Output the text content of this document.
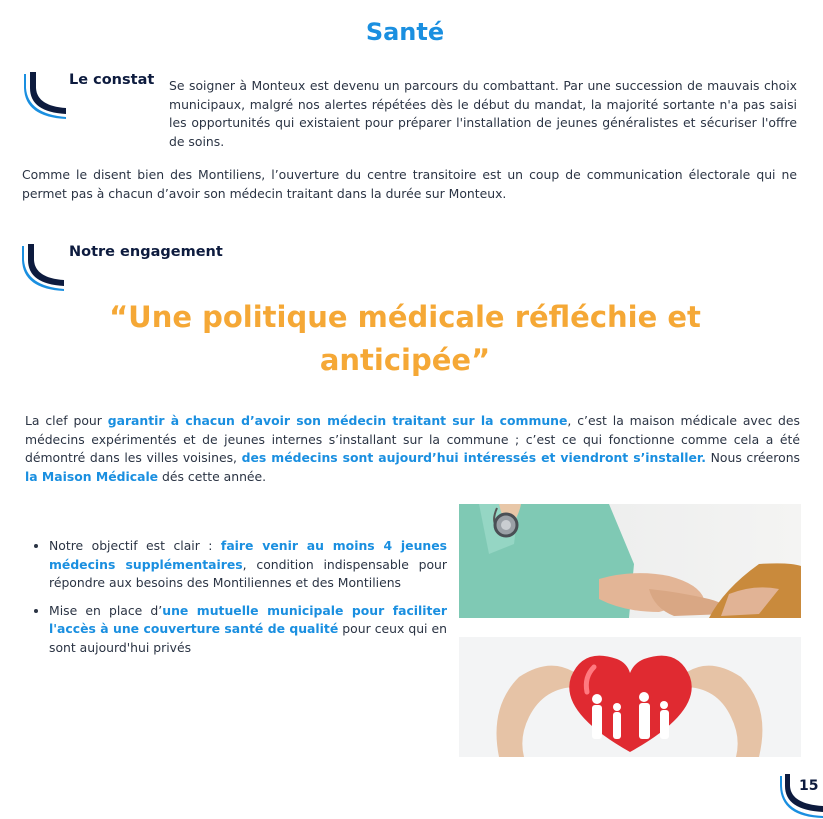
Santé
Le constat Se soigner à Monteux est devenu un parcours du combattant. Par une succession de mauvais choix municipaux, malgré nos alertes répétées dès le début du mandat, la majorité sortante n'a pas saisi les opportunités qui existaient pour préparer l'installation de jeunes généralistes et sécuriser l'offre de soins.
Comme le disent bien des Montiliens, l’ouverture du centre transitoire est un coup de communication électorale qui ne permet pas à chacun d’avoir son médecin traitant dans la durée sur Monteux.
Notre engagement
“Une politique médicale réfléchie et anticipée”
La clef pour garantir à chacun d’avoir son médecin traitant sur la commune, c’est la maison médicale avec des médecins expérimentés et de jeunes internes s’installant sur la commune ; c’est ce qui fonctionne comme cela a été démontré dans les villes voisines, des médecins sont aujourd’hui intéressés et viendront s’installer. Nous créerons la Maison Médicale dés cette année.
• Notre objectif est clair : faire venir au moins 4 jeunes médecins supplémentaires, condition indispensable pour répondre aux besoins des Montiliennes et des Montiliens
• Mise en place d’une mutuelle municipale pour faciliter l'accès à une couverture santé de qualité pour ceux qui en sont aujourd'hui privés
15
